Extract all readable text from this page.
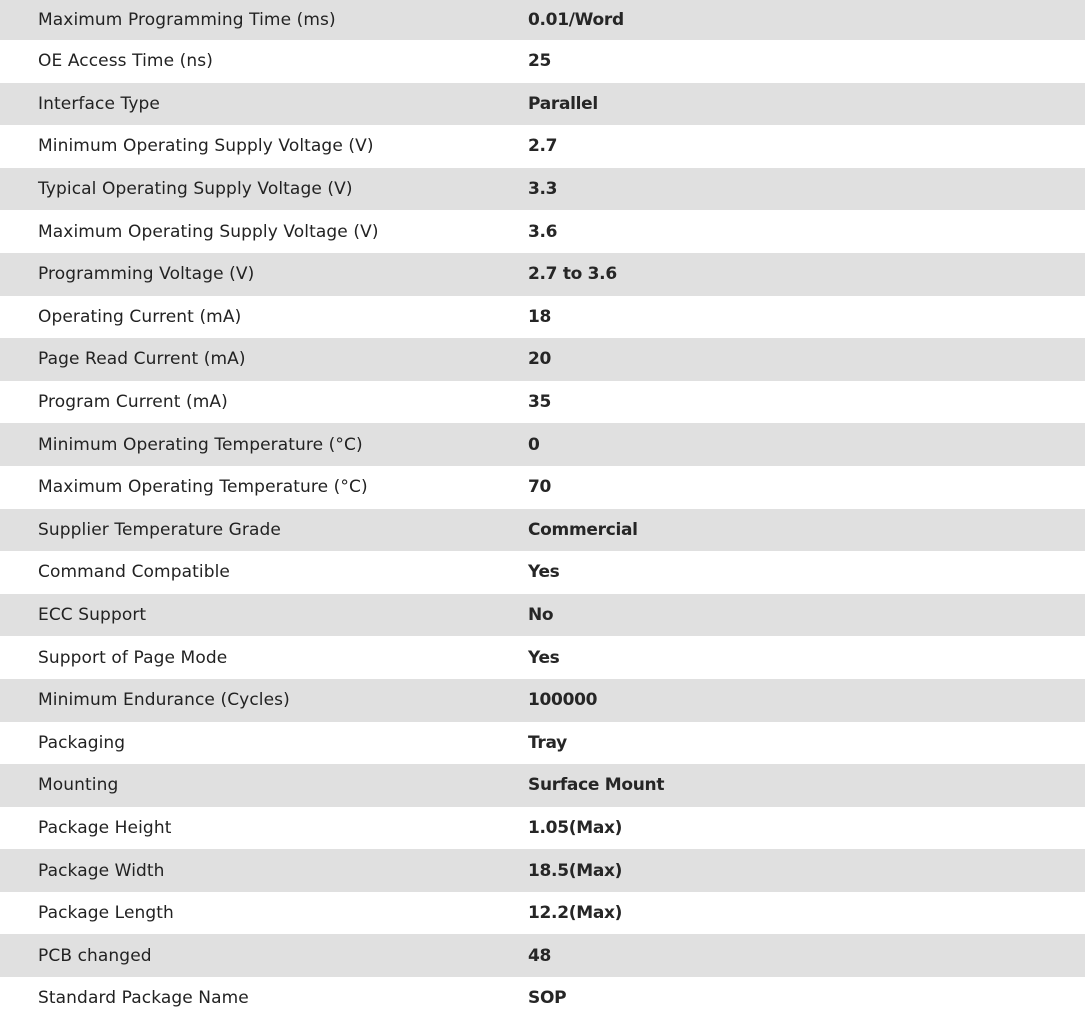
Maximum Programming Time (ms)	0.01/Word
OE Access Time (ns)	25
Interface Type	Parallel
Minimum Operating Supply Voltage (V)	2.7
Typical Operating Supply Voltage (V)	3.3
Maximum Operating Supply Voltage (V)	3.6
Programming Voltage (V)	2.7 to 3.6
Operating Current (mA)	18
Page Read Current (mA)	20
Program Current (mA)	35
Minimum Operating Temperature (°C)	0
Maximum Operating Temperature (°C)	70
Supplier Temperature Grade	Commercial
Command Compatible	Yes
ECC Support	No
Support of Page Mode	Yes
Minimum Endurance (Cycles)	100000
Packaging	Tray
Mounting	Surface Mount
Package Height	1.05(Max)
Package Width	18.5(Max)
Package Length	12.2(Max)
PCB changed	48
Standard Package Name	SOP
